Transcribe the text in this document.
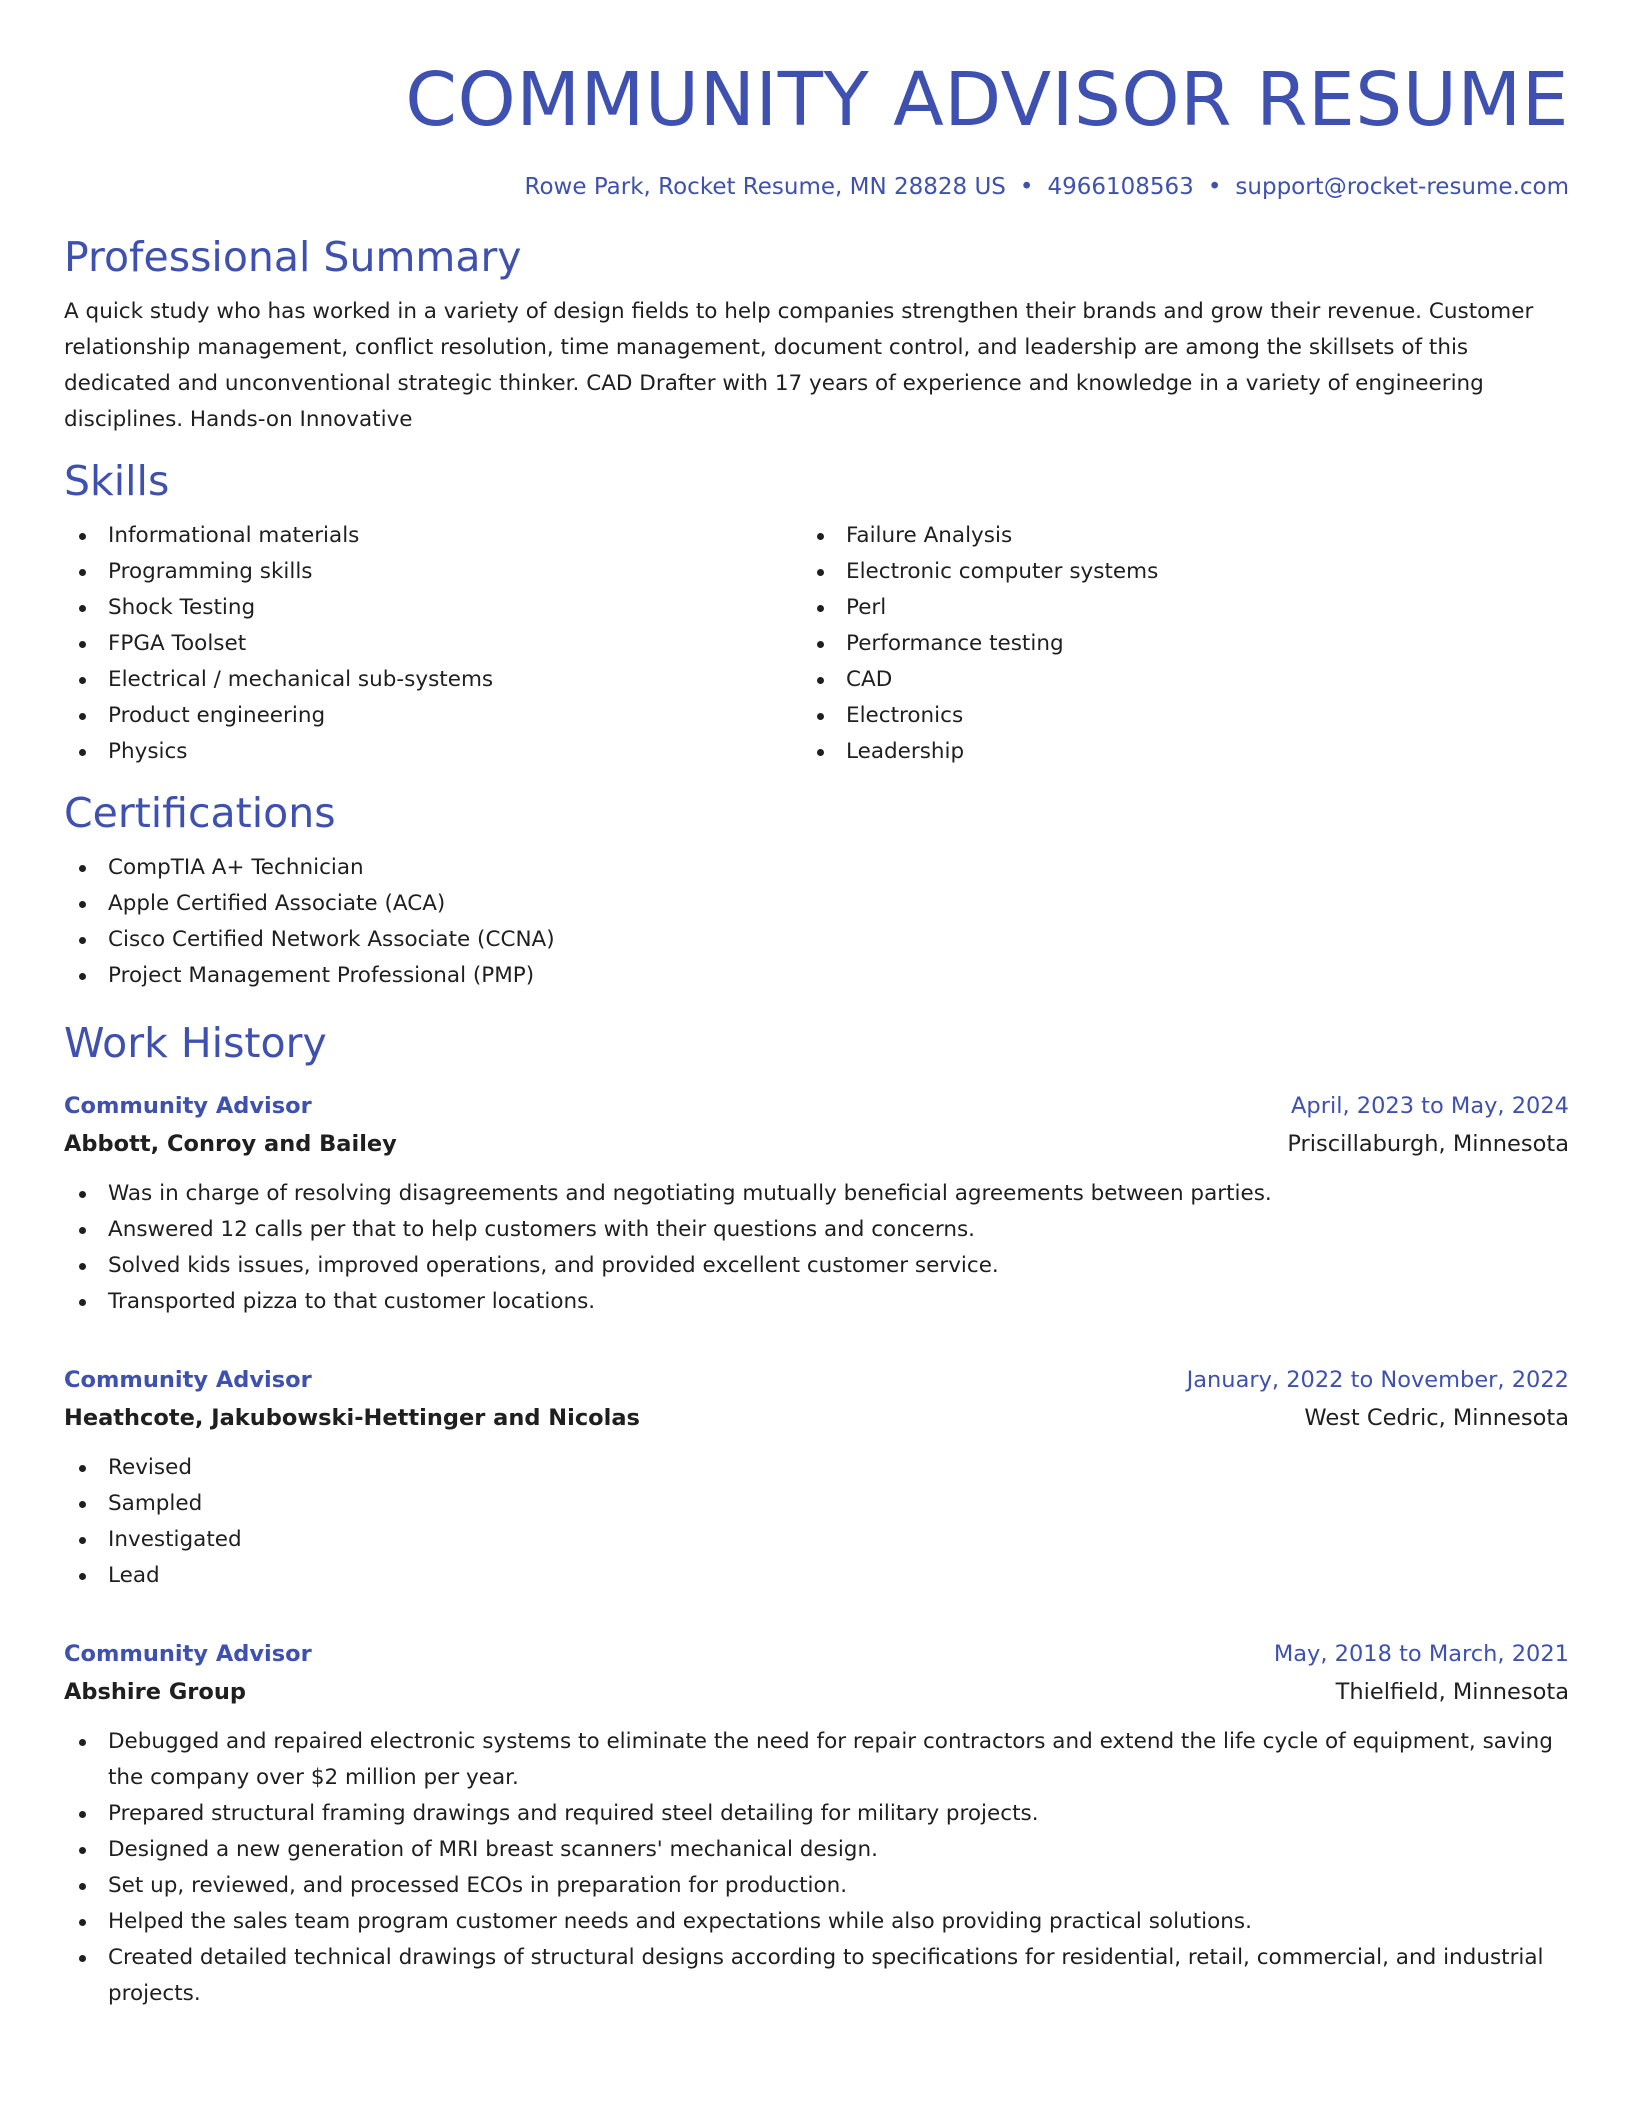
COMMUNITY ADVISOR RESUME
Rowe Park, Rocket Resume, MN 28828 US • 4966108563 • support@rocket-resume.com
Professional Summary

A quick study who has worked in a variety of design fields to help companies strengthen their brands and grow their revenue. Customer relationship management, conflict resolution, time management, document control, and leadership are among the skillsets of this dedicated and unconventional strategic thinker. CAD Drafter with 17 years of experience and knowledge in a variety of engineering disciplines. Hands-on Innovative

Skills
Informational materials
Programming skills
Shock Testing
FPGA Toolset
Electrical / mechanical sub-systems
Product engineering
Physics
Failure Analysis
Electronic computer systems
Perl
Performance testing
CAD
Electronics
Leadership
Certifications
CompTIA A+ Technician
Apple Certified Associate (ACA)
Cisco Certified Network Associate (CCNA)
Project Management Professional (PMP)
Work History
Community Advisor	April, 2023 to May, 2024
Abbott, Conroy and Bailey	Priscillaburgh, Minnesota
Was in charge of resolving disagreements and negotiating mutually beneficial agreements between parties.
Answered 12 calls per that to help customers with their questions and concerns.
Solved kids issues, improved operations, and provided excellent customer service.
Transported pizza to that customer locations.
Community Advisor	January, 2022 to November, 2022
Heathcote, Jakubowski-Hettinger and Nicolas	West Cedric, Minnesota
Revised
Sampled
Investigated
Lead
Community Advisor	May, 2018 to March, 2021
Abshire Group	Thielfield, Minnesota
Debugged and repaired electronic systems to eliminate the need for repair contractors and extend the life cycle of equipment, saving the company over $2 million per year.
Prepared structural framing drawings and required steel detailing for military projects.
Designed a new generation of MRI breast scanners' mechanical design.
Set up, reviewed, and processed ECOs in preparation for production.
Helped the sales team program customer needs and expectations while also providing practical solutions.
Created detailed technical drawings of structural designs according to specifications for residential, retail, commercial, and industrial projects.
